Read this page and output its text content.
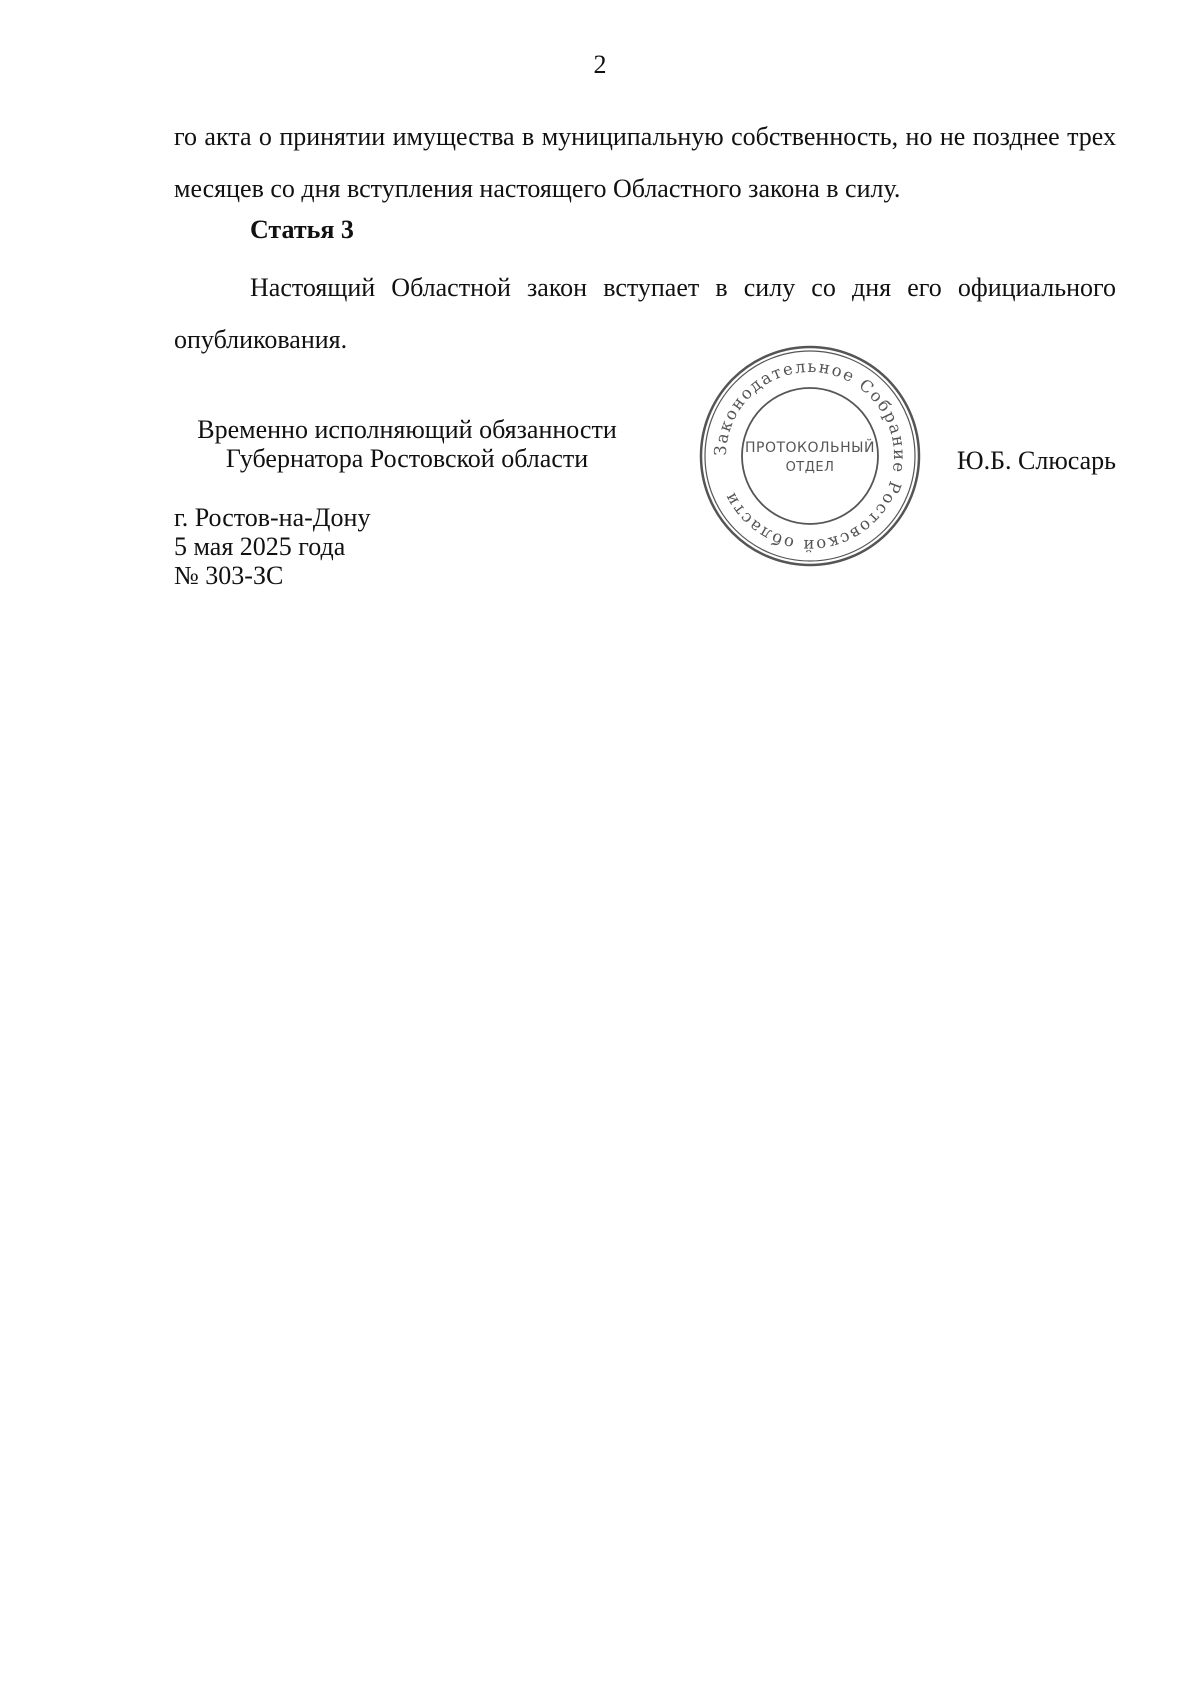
2

го акта о принятии имущества в муниципальную собственность, но не позднее трех месяцев со дня вступления настоящего Областного закона в силу.

Статья 3

Настоящий Областной закон вступает в силу со дня его официального опубликования.

Временно исполняющий обязанности
Губернатора Ростовской области	Законодательное Собрание Ростовской области
ПРОТОКОЛЬНЫЙ
ОТДЕЛ	Ю.Б. Слюсарь
г. Ростов-на-Дону
5 мая 2025 года
№ 303-ЗС
